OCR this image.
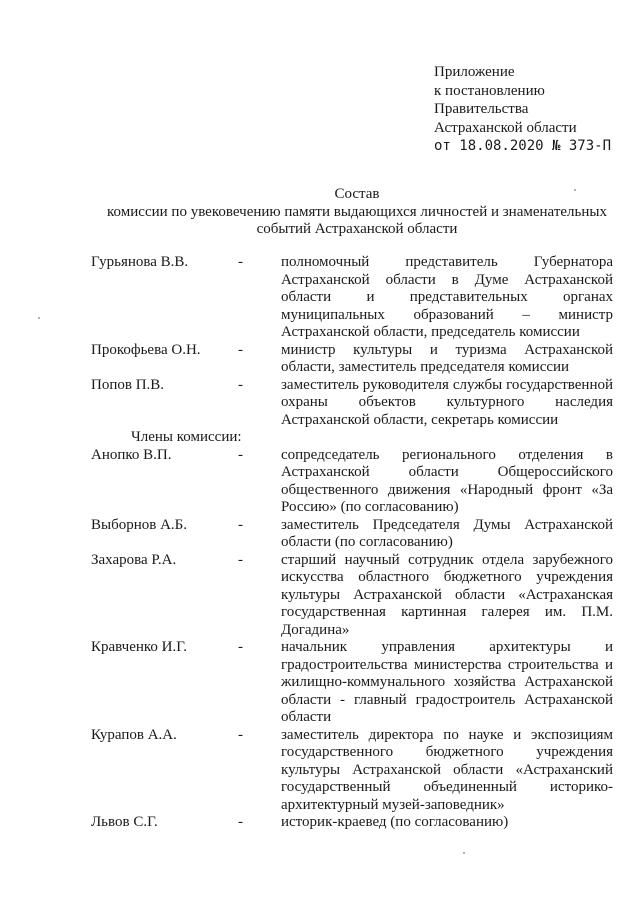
Приложение
к постановлению
Правительства
Астраханской области
от 18.08.2020 № 373-П
Состав
комиссии по увековечению памяти выдающихся личностей и знаменательных
событий Астраханской области
Гурьянова В.В.	-	полномочный представитель Губернатора Астраханской области в Думе Астраханской области и представительных органах муниципальных образований – министр Астраханской области, председатель комиссии
Прокофьева О.Н. -	министр культуры и туризма Астраханской области, заместитель председателя комиссии
Попов П.В.	-	заместитель руководителя службы государственной охраны объектов культурного наследия Астраханской области, секретарь комиссии
Члены комиссии:
Анопко В.П.	-	сопредседатель регионального отделения в Астраханской области Общероссийского общественного движения «Народный фронт «За Россию» (по согласованию)
Выборнов А.Б.	-	заместитель Председателя Думы Астраханской области (по согласованию)
Захарова Р.А.	-	старший научный сотрудник отдела зарубежного искусства областного бюджетного учреждения культуры Астраханской области «Астраханская государственная картинная галерея им. П.М. Догадина»
Кравченко И.Г.	-	начальник управления архитектуры и градостроительства министерства строительства и жилищно-коммунального хозяйства Астраханской области - главный градостроитель Астраханской области
Курапов А.А.	-	заместитель директора по науке и экспозициям государственного бюджетного учреждения культуры Астраханской области «Астраханский государственный объединенный историко-архитектурный музей-заповедник»
Львов С.Г.	-	историк-краевед (по согласованию)
